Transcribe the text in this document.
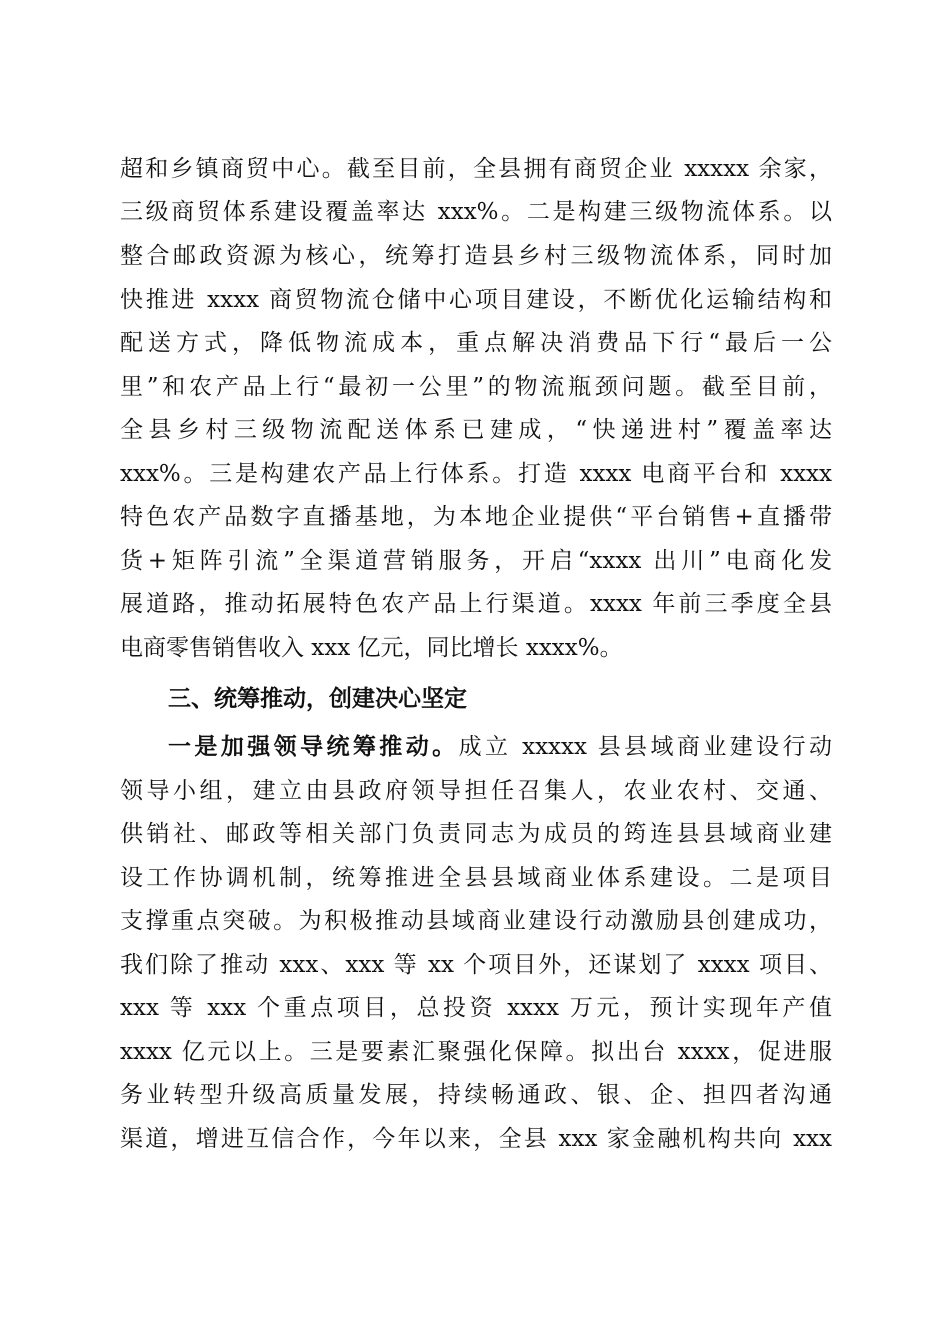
超和乡镇商贸中心。截至目前，全县拥有商贸企业 xxxxx 余家，
三级商贸体系建设覆盖率达 xxx%。二是构建三级物流体系。以
整合邮政资源为核心，统筹打造县乡村三级物流体系，同时加
快推进 xxxx 商贸物流仓储中心项目建设，不断优化运输结构和
配送方式，降低物流成本，重点解决消费品下行“最后一公
里”和农产品上行“最初一公里”的物流瓶颈问题。截至目前，
全县乡村三级物流配送体系已建成，“快递进村”覆盖率达
xxx%。三是构建农产品上行体系。打造 xxxx 电商平台和 xxxx
特色农产品数字直播基地，为本地企业提供“平台销售+直播带
货+矩阵引流”全渠道营销服务，开启“xxxx 出川”电商化发
展道路，推动拓展特色农产品上行渠道。xxxx 年前三季度全县
电商零售销售收入 xxx 亿元，同比增长 xxxx%。
三、统筹推动，创建决心坚定
一是加强领导统筹推动。成立 xxxxx 县县域商业建设行动
领导小组，建立由县政府领导担任召集人，农业农村、交通、
供销社、邮政等相关部门负责同志为成员的筠连县县域商业建
设工作协调机制，统筹推进全县县域商业体系建设。二是项目
支撑重点突破。为积极推动县域商业建设行动激励县创建成功，
我们除了推动 xxx、xxx 等 xx 个项目外，还谋划了 xxxx 项目、
xxx 等 xxx 个重点项目，总投资 xxxx 万元，预计实现年产值
xxxx 亿元以上。三是要素汇聚强化保障。拟出台 xxxx，促进服
务业转型升级高质量发展，持续畅通政、银、企、担四者沟通
渠道，增进互信合作，今年以来，全县 xxx 家金融机构共向 xxx
